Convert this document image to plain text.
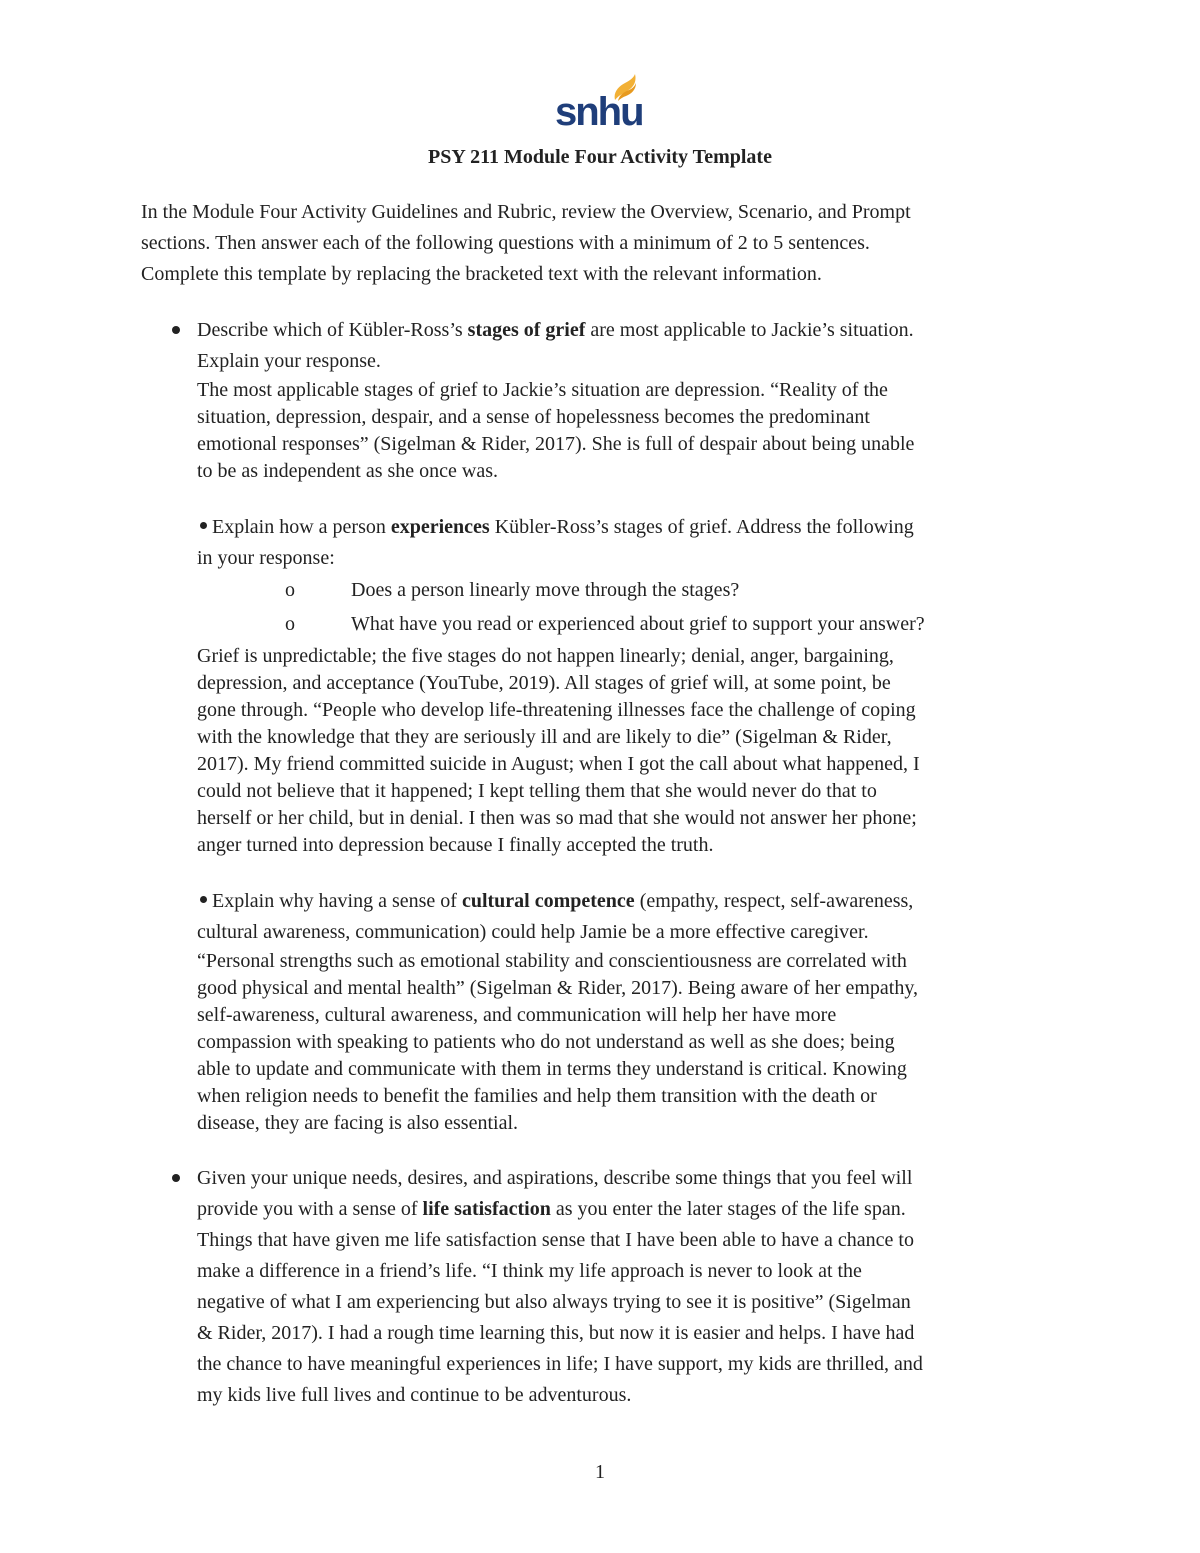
snhu
PSY 211 Module Four Activity Template
In the Module Four Activity Guidelines and Rubric, review the Overview, Scenario, and Prompt
sections. Then answer each of the following questions with a minimum of 2 to 5 sentences.
Complete this template by replacing the bracketed text with the relevant information.
Describe which of Kübler-Ross’s stages of grief are most applicable to Jackie’s situation.
Explain your response.
The most applicable stages of grief to Jackie’s situation are depression. “Reality of the
situation, depression, despair, and a sense of hopelessness becomes the predominant
emotional responses” (Sigelman & Rider, 2017). She is full of despair about being unable
to be as independent as she once was.
Explain how a person experiences Kübler-Ross’s stages of grief. Address the following
in your response:
o	Does a person linearly move through the stages?
o	What have you read or experienced about grief to support your answer?
Grief is unpredictable; the five stages do not happen linearly; denial, anger, bargaining,
depression, and acceptance (YouTube, 2019). All stages of grief will, at some point, be
gone through. “People who develop life-threatening illnesses face the challenge of coping
with the knowledge that they are seriously ill and are likely to die” (Sigelman & Rider,
2017). My friend committed suicide in August; when I got the call about what happened, I
could not believe that it happened; I kept telling them that she would never do that to
herself or her child, but in denial. I then was so mad that she would not answer her phone;
anger turned into depression because I finally accepted the truth.
Explain why having a sense of cultural competence (empathy, respect, self-awareness,
cultural awareness, communication) could help Jamie be a more effective caregiver.
“Personal strengths such as emotional stability and conscientiousness are correlated with
good physical and mental health” (Sigelman & Rider, 2017). Being aware of her empathy,
self-awareness, cultural awareness, and communication will help her have more
compassion with speaking to patients who do not understand as well as she does; being
able to update and communicate with them in terms they understand is critical. Knowing
when religion needs to benefit the families and help them transition with the death or
disease, they are facing is also essential.
Given your unique needs, desires, and aspirations, describe some things that you feel will
provide you with a sense of life satisfaction as you enter the later stages of the life span.
Things that have given me life satisfaction sense that I have been able to have a chance to
make a difference in a friend’s life. “I think my life approach is never to look at the
negative of what I am experiencing but also always trying to see it is positive” (Sigelman
& Rider, 2017). I had a rough time learning this, but now it is easier and helps. I have had
the chance to have meaningful experiences in life; I have support, my kids are thrilled, and
my kids live full lives and continue to be adventurous.
1
